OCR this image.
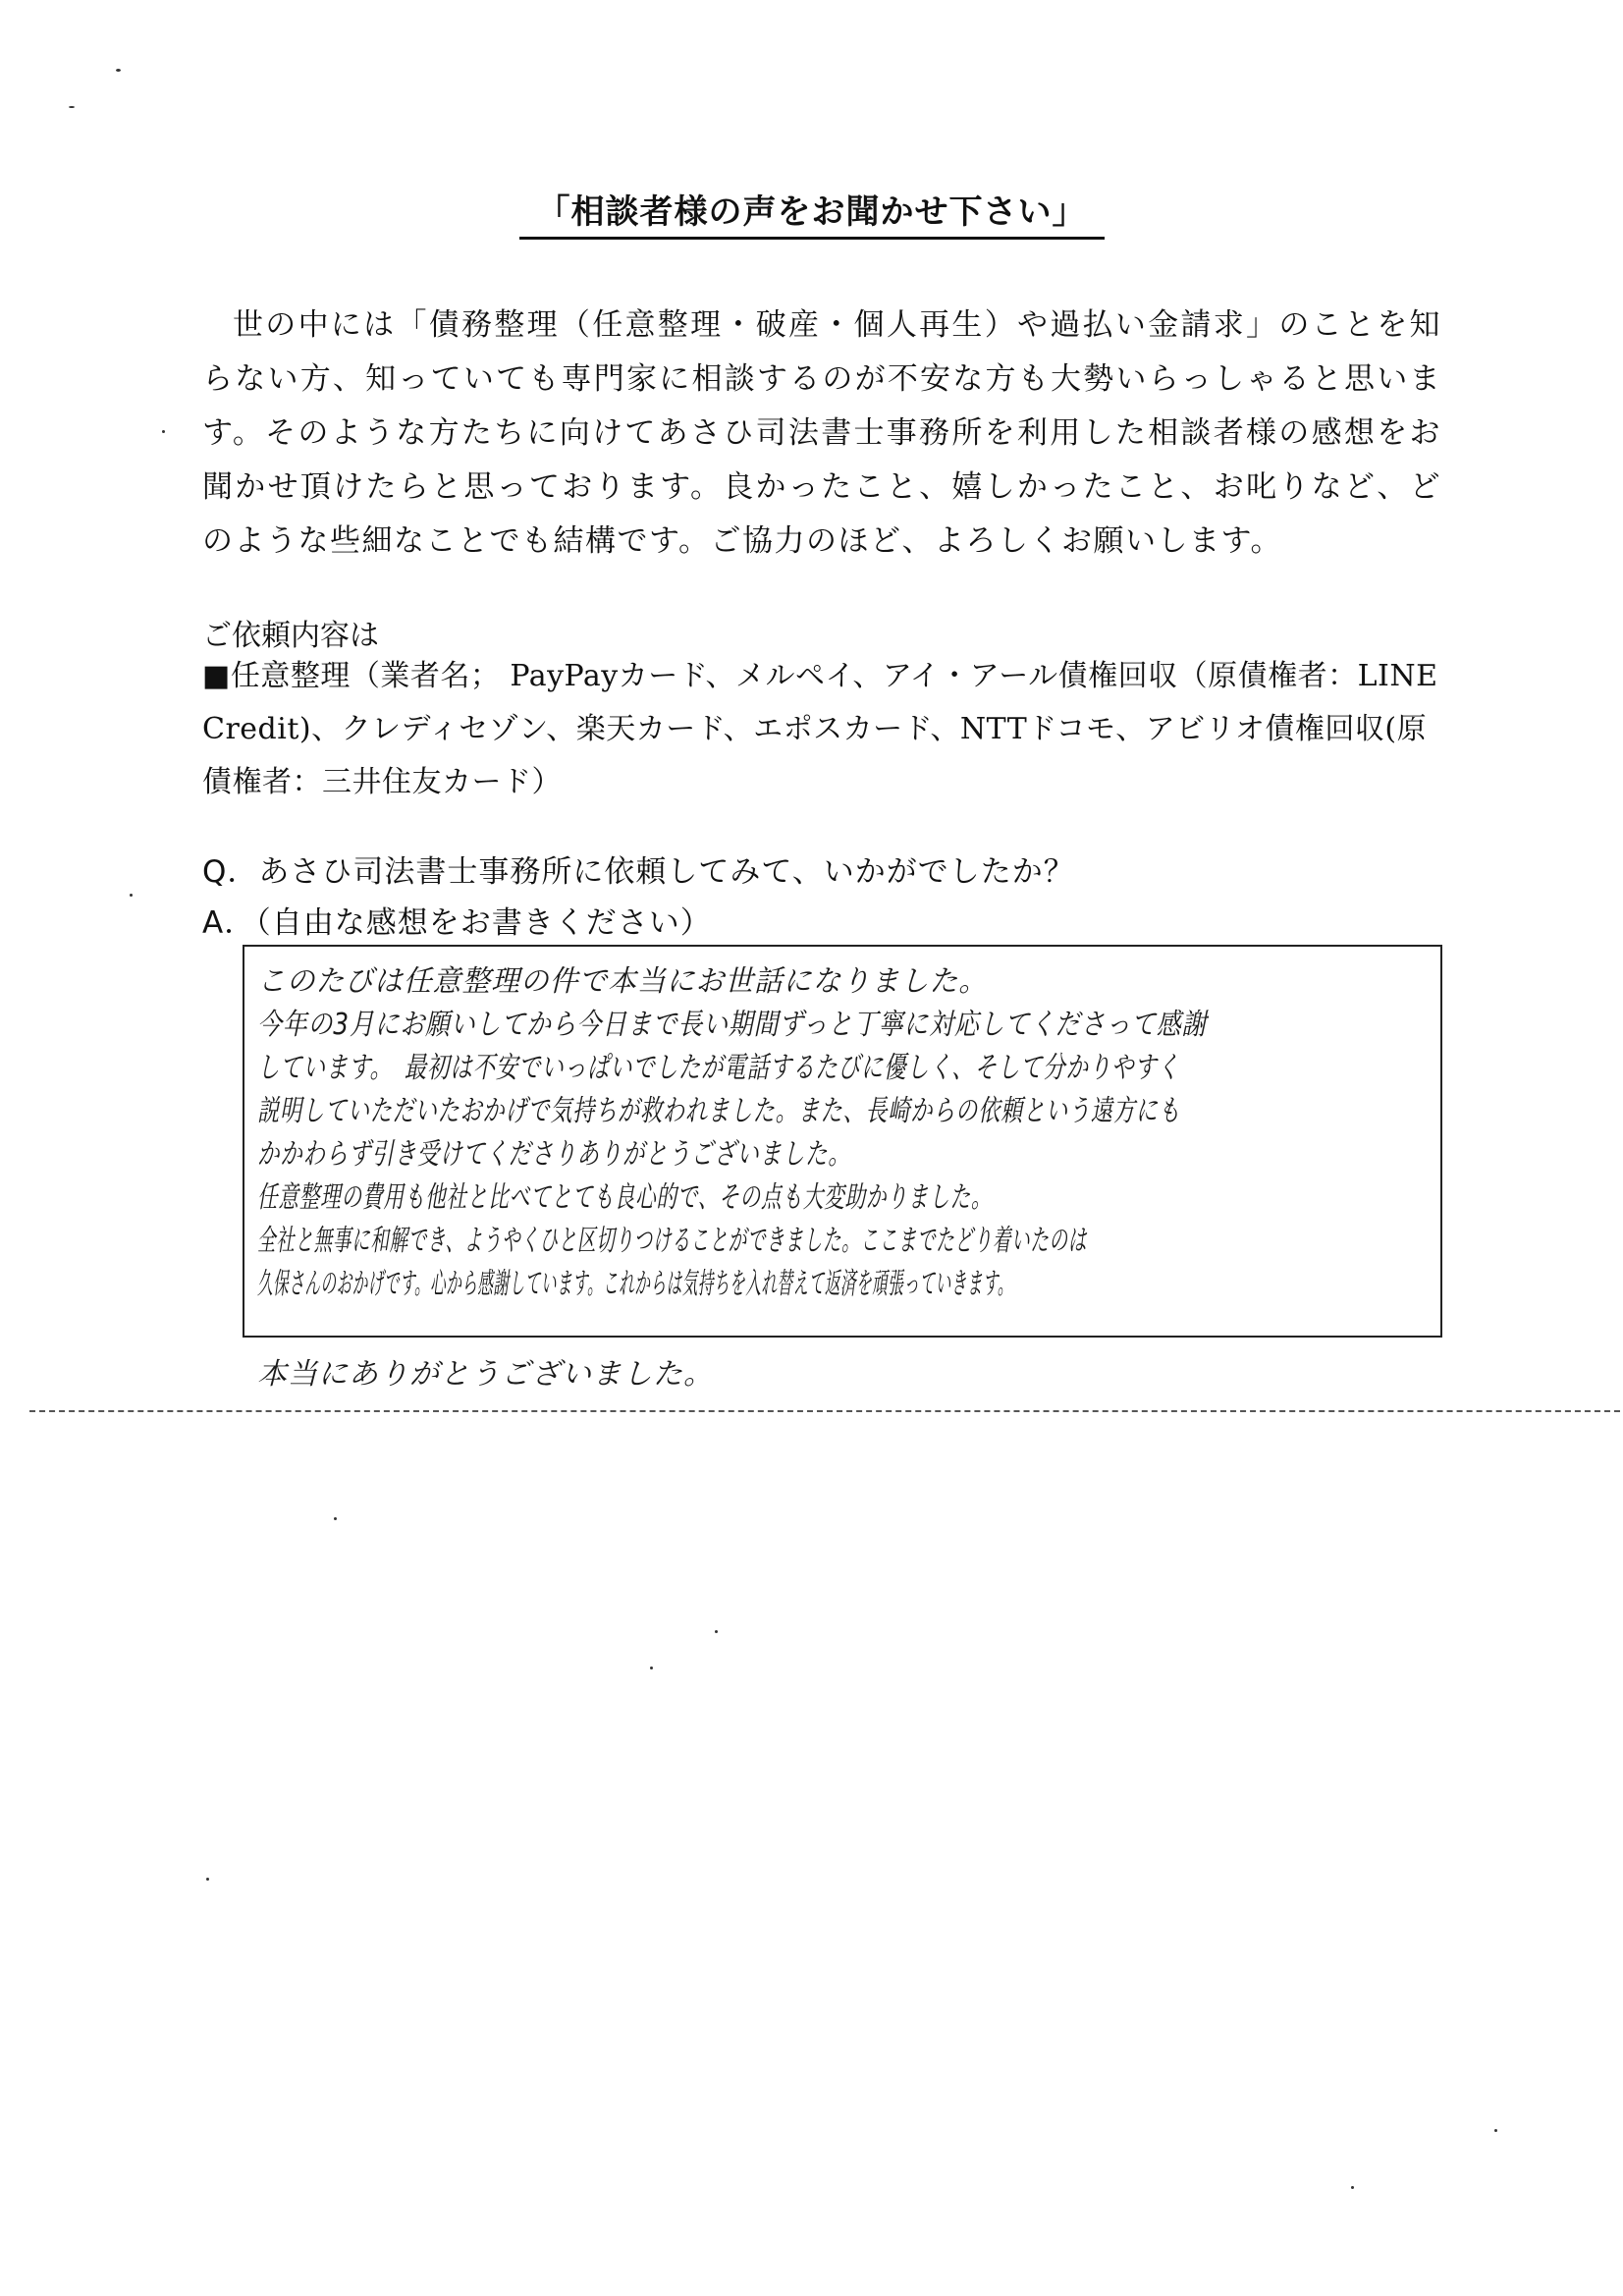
「相談者様の声をお聞かせ下さい」
世の中には「債務整理（任意整理・破産・個人再生）や過払い金請求」のことを知らない方、知っていても専門家に相談するのが不安な方も大勢いらっしゃると思います。そのような方たちに向けてあさひ司法書士事務所を利用した相談者様の感想をお聞かせ頂けたらと思っております。良かったこと、嬉しかったこと、お叱りなど、どのような些細なことでも結構です。ご協力のほど、よろしくお願いします。
ご依頼内容は
■任意整理（業者名； PayPayカード、メルペイ、アイ・アール債権回収（原債権者：LINE Credit)、クレディセゾン、楽天カード、エポスカード、NTTドコモ、アビリオ債権回収(原債権者：三井住友カード）
Q．あさひ司法書士事務所に依頼してみて、いかがでしたか？
A．（自由な感想をお書きください）
このたびは任意整理の件で本当にお世話になりました。
今年の3月にお願いしてから今日まで長い期間ずっと丁寧に対応してくださって感謝
しています。　最初は不安でいっぱいでしたが電話するたびに優しく、そして分かりやすく
説明していただいたおかげで気持ちが救われました。また、長崎からの依頼という遠方にも
かかわらず引き受けてくださりありがとうございました。
任意整理の費用も他社と比べてとても良心的で、その点も大変助かりました。
全社と無事に和解でき、ようやくひと区切りつけることができました。ここまでたどり着いたのは
久保さんのおかげです。心から感謝しています。これからは気持ちを入れ替えて返済を頑張っていきます。
本当にありがとうございました。
